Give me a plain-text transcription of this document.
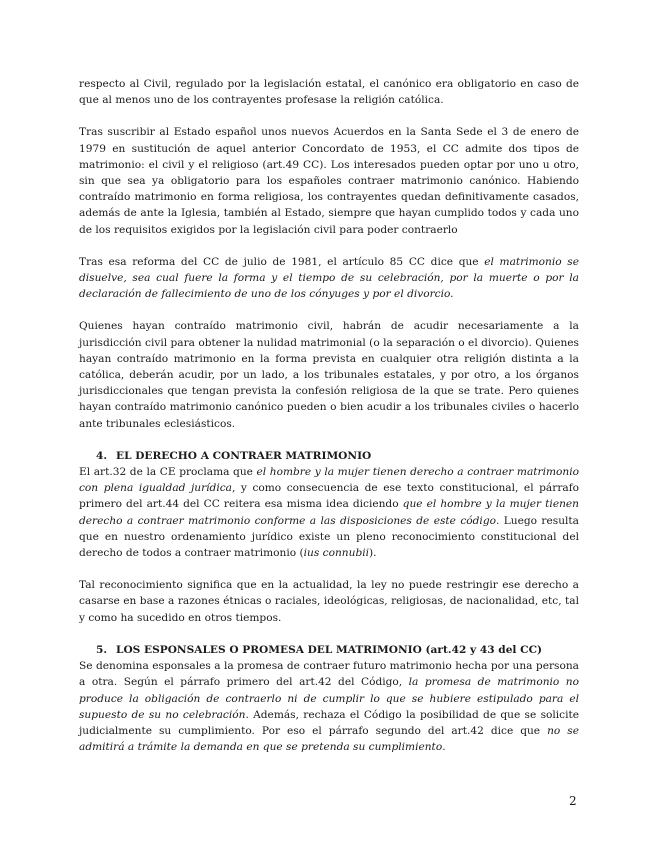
respecto al Civil, regulado por la legislación estatal, el canónico era obligatorio en caso de que al menos uno de los contrayentes profesase la religión católica.

Tras suscribir al Estado español unos nuevos Acuerdos en la Santa Sede el 3 de enero de 1979 en sustitución de aquel anterior Concordato de 1953, el CC admite dos tipos de matrimonio: el civil y el religioso (art.49 CC). Los interesados pueden optar por uno u otro, sin que sea ya obligatorio para los españoles contraer matrimonio canónico. Habiendo contraído matrimonio en forma religiosa, los contrayentes quedan definitivamente casados, además de ante la Iglesia, también al Estado, siempre que hayan cumplido todos y cada uno de los requisitos exigidos por la legislación civil para poder contraerlo

Tras esa reforma del CC de julio de 1981, el artículo 85 CC dice que el matrimonio se disuelve, sea cual fuere la forma y el tiempo de su celebración, por la muerte o por la declaración de fallecimiento de uno de los cónyuges y por el divorcio.

Quienes hayan contraído matrimonio civil, habrán de acudir necesariamente a la jurisdicción civil para obtener la nulidad matrimonial (o la separación o el divorcio). Quienes hayan contraído matrimonio en la forma prevista en cualquier otra religión distinta a la católica, deberán acudir, por un lado, a los tribunales estatales, y por otro, a los órganos jurisdiccionales que tengan prevista la confesión religiosa de la que se trate. Pero quienes hayan contraído matrimonio canónico pueden o bien acudir a los tribunales civiles o hacerlo ante tribunales eclesiásticos.

4. EL DERECHO A CONTRAER MATRIMONIO

El art.32 de la CE proclama que el hombre y la mujer tienen derecho a contraer matrimonio con plena igualdad jurídica, y como consecuencia de ese texto constitucional, el párrafo primero del art.44 del CC reitera esa misma idea diciendo que el hombre y la mujer tienen derecho a contraer matrimonio conforme a las disposiciones de este código. Luego resulta que en nuestro ordenamiento jurídico existe un pleno reconocimiento constitucional del derecho de todos a contraer matrimonio (ius connubii).

Tal reconocimiento significa que en la actualidad, la ley no puede restringir ese derecho a casarse en base a razones étnicas o raciales, ideológicas, religiosas, de nacionalidad, etc, tal y como ha sucedido en otros tiempos.

5. LOS ESPONSALES O PROMESA DEL MATRIMONIO (art.42 y 43 del CC)

Se denomina esponsales a la promesa de contraer futuro matrimonio hecha por una persona a otra. Según el párrafo primero del art.42 del Código, la promesa de matrimonio no produce la obligación de contraerlo ni de cumplir lo que se hubiere estipulado para el supuesto de su no celebración. Además, rechaza el Código la posibilidad de que se solicite judicialmente su cumplimiento. Por eso el párrafo segundo del art.42 dice que no se admitirá a trámite la demanda en que se pretenda su cumplimiento.

2
